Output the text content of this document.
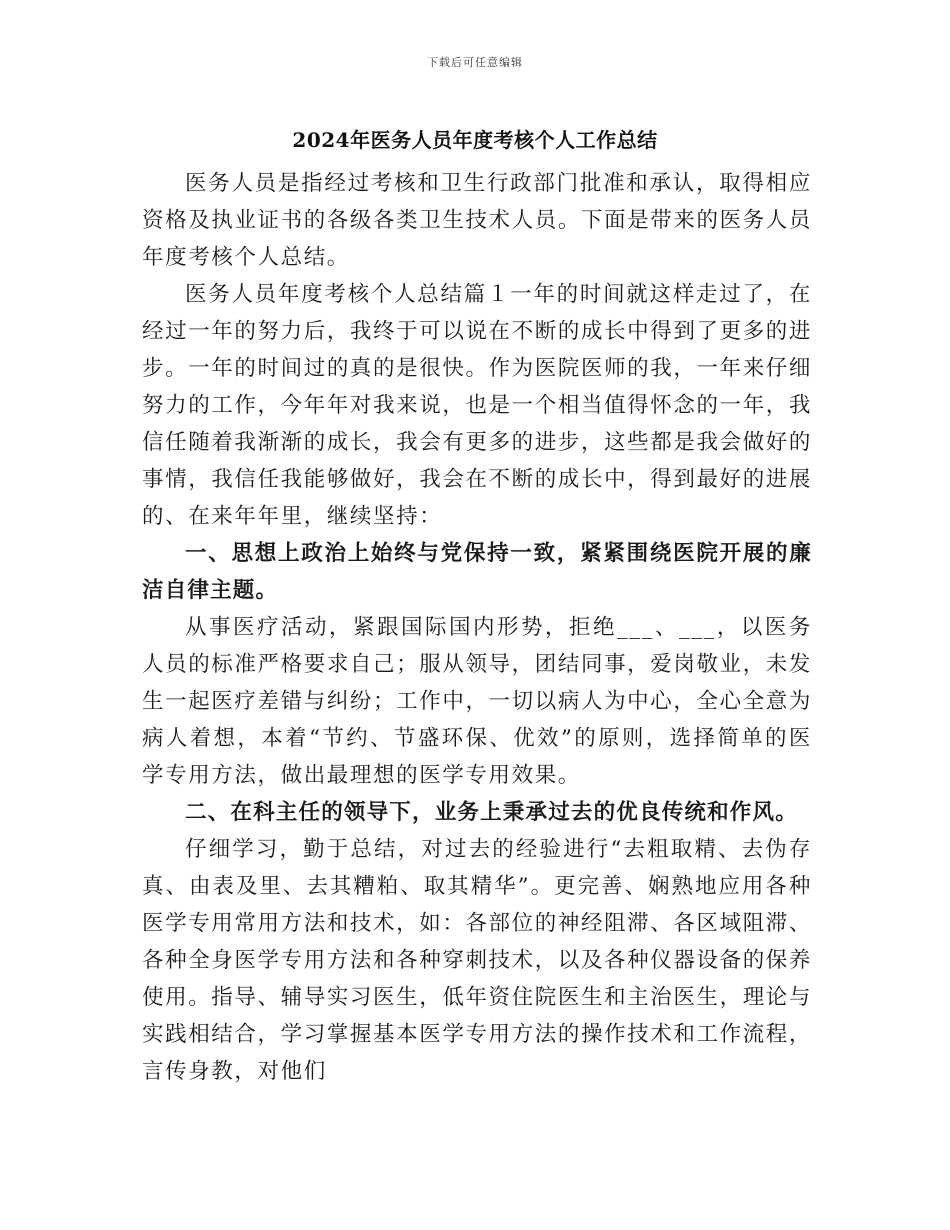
下载后可任意编辑
2024年医务人员年度考核个人工作总结

医务人员是指经过考核和卫生行政部门批准和承认，取得相应资格及执业证书的各级各类卫生技术人员。下面是带来的医务人员年度考核个人总结。

医务人员年度考核个人总结篇１一年的时间就这样走过了，在经过一年的努力后，我终于可以说在不断的成长中得到了更多的进步。一年的时间过的真的是很快。作为医院医师的我，一年来仔细努力的工作，今年年对我来说，也是一个相当值得怀念的一年，我信任随着我渐渐的成长，我会有更多的进步，这些都是我会做好的事情，我信任我能够做好，我会在不断的成长中，得到最好的进展的、在来年年里，继续坚持：

一、思想上政治上始终与党保持一致，紧紧围绕医院开展的廉洁自律主题。

从事医疗活动，紧跟国际国内形势，拒绝___、___，以医务人员的标准严格要求自己；服从领导，团结同事，爱岗敬业，未发生一起医疗差错与纠纷；工作中，一切以病人为中心，全心全意为病人着想，本着“节约、节盛环保、优效”的原则，选择简单的医学专用方法，做出最理想的医学专用效果。

二、在科主任的领导下，业务上秉承过去的优良传统和作风。

仔细学习，勤于总结，对过去的经验进行“去粗取精、去伪存真、由表及里、去其糟粕、取其精华”。更完善、娴熟地应用各种医学专用常用方法和技术，如：各部位的神经阻滞、各区域阻滞、各种全身医学专用方法和各种穿刺技术，以及各种仪器设备的保养使用。指导、辅导实习医生，低年资住院医生和主治医生，理论与实践相结合，学习掌握基本医学专用方法的操作技术和工作流程，言传身教，对他们
